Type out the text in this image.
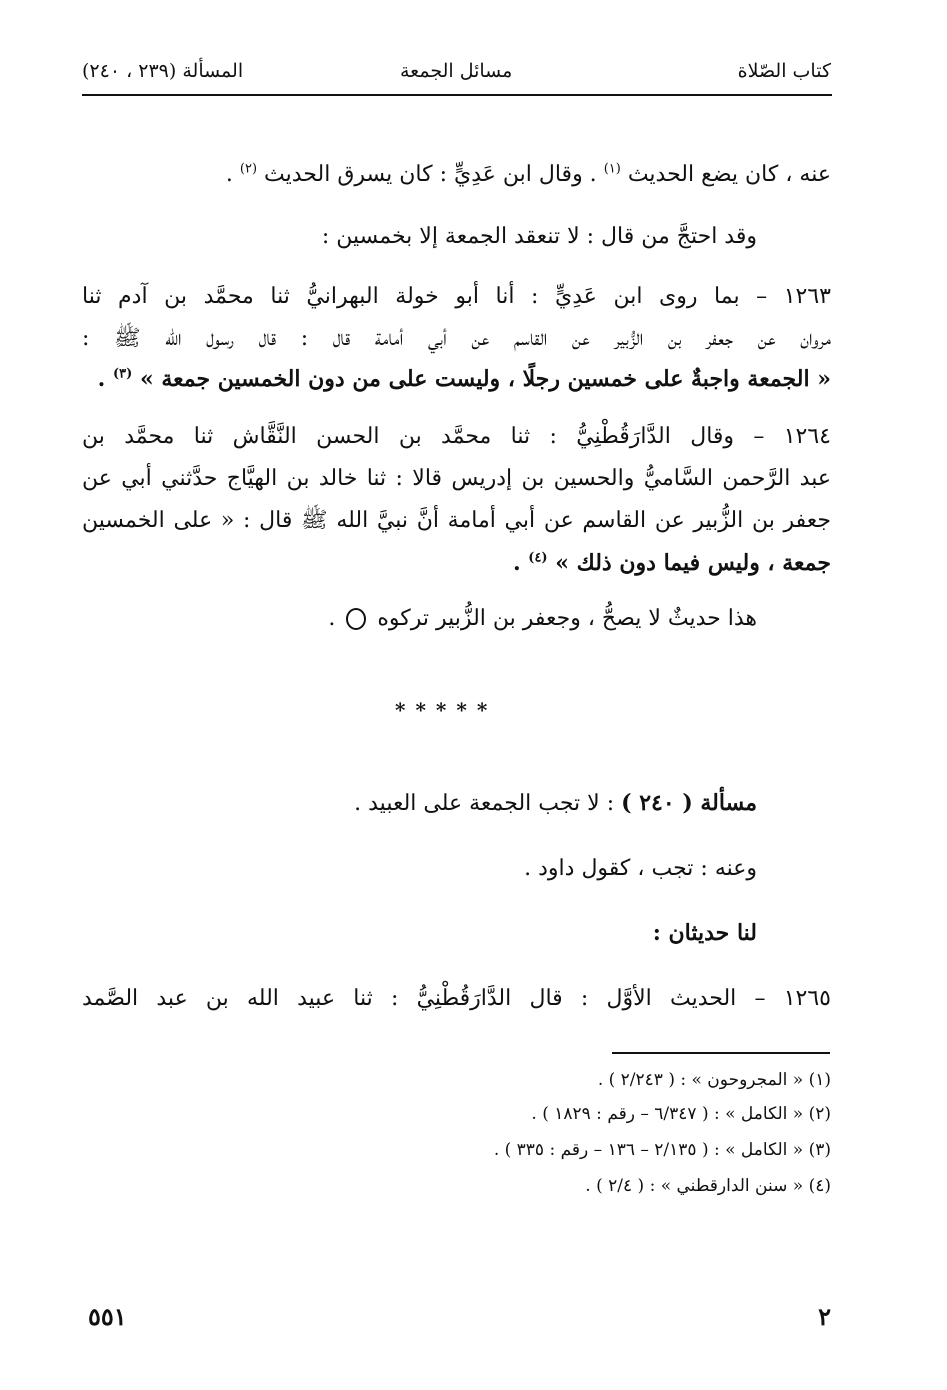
كتاب الصّلاة
مسائل الجمعة
المسألة (٢٣٩ ، ٢٤٠)
عنه ، كان يضع الحديث $^{(١)}$ . وقال ابن عَدِيٍّ : كان يسرق الحديث $^{(٢)}$ .
وقد احتجَّ من قال : لا تنعقد الجمعة إلا بخمسين :
١٢٦٣ – بما روى ابن عَدِيٍّ : أنا أبو خولة البهرانيُّ ثنا محمَّد بن آدم ثنا
مروان عن جعفر بن الزُّبير عن القاسم عن أبي أمامة قال : قال رسول الله ﷺ :
« الجمعة واجبةٌ على خمسين رجلًا ، وليست على من دون الخمسين جمعة » $^{(٣)}$ .
١٢٦٤ – وقال الدَّارَقُطْنِيُّ : ثنا محمَّد بن الحسن النَّقَّاش ثنا محمَّد بن
عبد الرَّحمن السَّاميُّ والحسين بن إدريس قالا : ثنا خالد بن الهيَّاج حدَّثني أبي عن
جعفر بن الزُّبير عن القاسم عن أبي أمامة أنَّ نبيَّ الله ﷺ قال : « على الخمسين
جمعة ، وليس فيما دون ذلك » $^{(٤)}$ .
هذا حديثٌ لا يصحُّ ، وجعفر بن الزُّبير تركوه  .
*****
مسألة ( ٢٤٠ ) : لا تجب الجمعة على العبيد .
وعنه : تجب ، كقول داود .
لنا حديثان :
١٢٦٥ – الحديث الأوَّل : قال الدَّارَقُطْنِيُّ : ثنا عبيد الله بن عبد الصَّمد
(١) « المجروحون » : ( ٢/٢٤٣ ) .
(٢) « الكامل » : ( ٦/٣٤٧ – رقم : ١٨٢٩ ) .
(٣) « الكامل » : ( ٢/١٣٥ – ١٣٦ – رقم : ٣٣٥ ) .
(٤) « سنن الدارقطني » : ( ٢/٤ ) .
٥٥١	٢
